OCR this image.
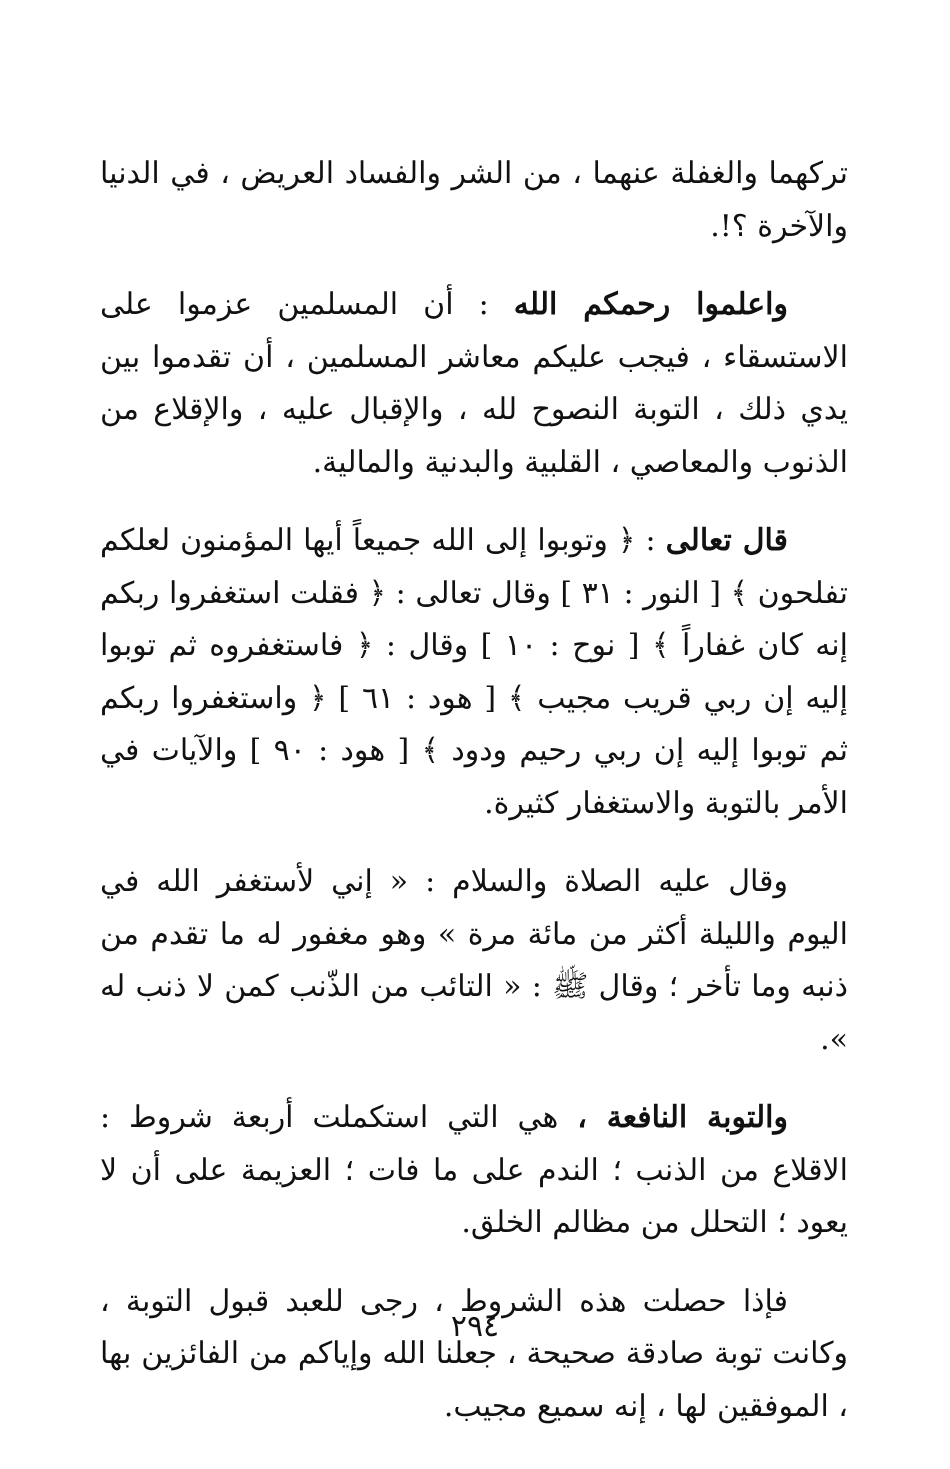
تركهما والغفلة عنهما ، من الشر والفساد العريض ، في الدنيا والآخرة ؟!.

واعلموا رحمكم الله : أن المسلمين عزموا على الاستسقاء ، فيجب عليكم معاشر المسلمين ، أن تقدموا بين يدي ذلك ، التوبة النصوح لله ، والإقبال عليه ، والإقلاع من الذنوب والمعاصي ، القلبية والبدنية والمالية.

قال تعالى : ﴿ وتوبوا إلى الله جميعاً أيها المؤمنون لعلكم تفلحون ﴾ [ النور : ٣١ ] وقال تعالى : ﴿ فقلت استغفروا ربكم إنه كان غفاراً ﴾ [ نوح : ١٠ ] وقال : ﴿ فاستغفروه ثم توبوا إليه إن ربي قريب مجيب ﴾ [ هود : ٦١ ] ﴿ واستغفروا ربكم ثم توبوا إليه إن ربي رحيم ودود ﴾ [ هود : ٩٠ ] والآيات في الأمر بالتوبة والاستغفار كثيرة.

وقال عليه الصلاة والسلام : « إني لأستغفر الله في اليوم والليلة أكثر من مائة مرة » وهو مغفور له ما تقدم من ذنبه وما تأخر ؛ وقال ﷺ : « التائب من الذّنب كمن لا ذنب له ».

والتوبة النافعة ، هي التي استكملت أربعة شروط : الاقلاع من الذنب ؛ الندم على ما فات ؛ العزيمة على أن لا يعود ؛ التحلل من مظالم الخلق.

فإذا حصلت هذه الشروط ، رجى للعبد قبول التوبة ، وكانت توبة صادقة صحيحة ، جعلنا الله وإياكم من الفائزين بها ، الموفقين لها ، إنه سميع مجيب.

٢٩٤
